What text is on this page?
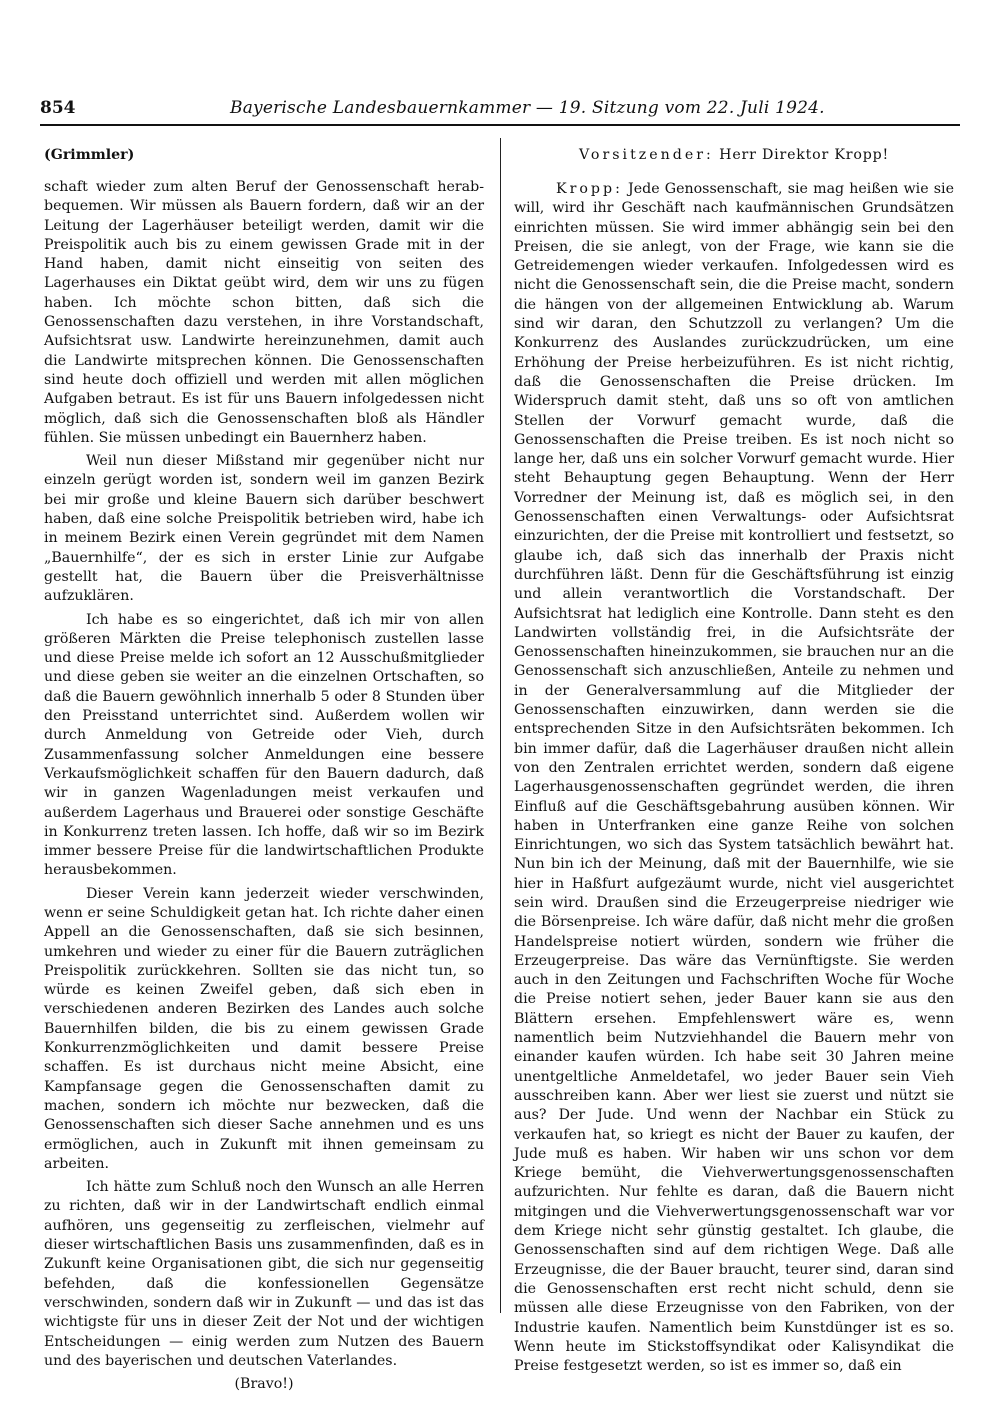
854	Bayerische Landesbauernkammer — 19. Sitzung vom 22. Juli 1924.
(Grimmler)

schaft wieder zum alten Beruf der Genossenschaft herab- bequemen. Wir müssen als Bauern fordern, daß wir an der Leitung der Lagerhäuser beteiligt werden, damit wir die Preispolitik auch bis zu einem gewissen Grade mit in der Hand haben, damit nicht einseitig von seiten des Lagerhauses ein Diktat geübt wird, dem wir uns zu fügen haben. Ich möchte schon bitten, daß sich die Genossenschaften dazu verstehen, in ihre Vorstandschaft, Aufsichtsrat usw. Landwirte hereinzunehmen, damit auch die Landwirte mitsprechen können. Die Genossenschaften sind heute doch offiziell und werden mit allen möglichen Aufgaben betraut. Es ist für uns Bauern infolgedessen nicht möglich, daß sich die Genossenschaften bloß als Händler fühlen. Sie müssen unbedingt ein Bauernherz haben.

Weil nun dieser Mißstand mir gegenüber nicht nur einzeln gerügt worden ist, sondern weil im ganzen Bezirk bei mir große und kleine Bauern sich darüber beschwert haben, daß eine solche Preispolitik betrieben wird, habe ich in meinem Bezirk einen Verein gegründet mit dem Namen „Bauernhilfe“, der es sich in erster Linie zur Aufgabe gestellt hat, die Bauern über die Preisverhältnisse aufzuklären.

Ich habe es so eingerichtet, daß ich mir von allen größeren Märkten die Preise telephonisch zustellen lasse und diese Preise melde ich sofort an 12 Ausschußmitglieder und diese geben sie weiter an die einzelnen Ortschaften, so daß die Bauern gewöhnlich innerhalb 5 oder 8 Stunden über den Preisstand unterrichtet sind. Außerdem wollen wir durch Anmeldung von Getreide oder Vieh, durch Zusammenfassung solcher Anmeldungen eine bessere Verkaufsmöglichkeit schaffen für den Bauern dadurch, daß wir in ganzen Wagenladungen meist verkaufen und außerdem Lagerhaus und Brauerei oder sonstige Geschäfte in Konkurrenz treten lassen. Ich hoffe, daß wir so im Bezirk immer bessere Preise für die landwirtschaftlichen Produkte herausbekommen.

Dieser Verein kann jederzeit wieder verschwinden, wenn er seine Schuldigkeit getan hat. Ich richte daher einen Appell an die Genossenschaften, daß sie sich besinnen, umkehren und wieder zu einer für die Bauern zuträglichen Preispolitik zurückkehren. Sollten sie das nicht tun, so würde es keinen Zweifel geben, daß sich eben in verschiedenen anderen Bezirken des Landes auch solche Bauernhilfen bilden, die bis zu einem gewissen Grade Konkurrenzmöglichkeiten und damit bessere Preise schaffen. Es ist durchaus nicht meine Absicht, eine Kampfansage gegen die Genossenschaften damit zu machen, sondern ich möchte nur bezwecken, daß die Genossenschaften sich dieser Sache annehmen und es uns ermöglichen, auch in Zukunft mit ihnen gemeinsam zu arbeiten.

Ich hätte zum Schluß noch den Wunsch an alle Herren zu richten, daß wir in der Landwirtschaft endlich einmal aufhören, uns gegenseitig zu zerfleischen, vielmehr auf dieser wirtschaftlichen Basis uns zusammenfinden, daß es in Zukunft keine Organisationen gibt, die sich nur gegenseitig befehden, daß die konfessionellen Gegensätze verschwinden, sondern daß wir in Zukunft — und das ist das wichtigste für uns in dieser Zeit der Not und der wichtigen Entscheidungen — einig werden zum Nutzen des Bauern und des bayerischen und deutschen Vaterlandes.

(Bravo!)
Vorsitzender: Herr Direktor Kropp!

Kropp: Jede Genossenschaft, sie mag heißen wie sie will, wird ihr Geschäft nach kaufmännischen Grundsätzen einrichten müssen. Sie wird immer abhängig sein bei den Preisen, die sie anlegt, von der Frage, wie kann sie die Getreidemengen wieder verkaufen. Infolgedessen wird es nicht die Genossenschaft sein, die die Preise macht, sondern die hängen von der allgemeinen Entwicklung ab. Warum sind wir daran, den Schutzzoll zu verlangen? Um die Konkurrenz des Auslandes zurückzudrücken, um eine Erhöhung der Preise herbeizuführen. Es ist nicht richtig, daß die Genossenschaften die Preise drücken. Im Widerspruch damit steht, daß uns so oft von amtlichen Stellen der Vorwurf gemacht wurde, daß die Genossenschaften die Preise treiben. Es ist noch nicht so lange her, daß uns ein solcher Vorwurf gemacht wurde. Hier steht Behauptung gegen Behauptung. Wenn der Herr Vorredner der Meinung ist, daß es möglich sei, in den Genossenschaften einen Verwaltungs- oder Aufsichtsrat einzurichten, der die Preise mit kontrolliert und festsetzt, so glaube ich, daß sich das innerhalb der Praxis nicht durchführen läßt. Denn für die Geschäftsführung ist einzig und allein verantwortlich die Vorstandschaft. Der Aufsichtsrat hat lediglich eine Kontrolle. Dann steht es den Landwirten vollständig frei, in die Aufsichtsräte der Genossenschaften hineinzukommen, sie brauchen nur an die Genossenschaft sich anzuschließen, Anteile zu nehmen und in der Generalversammlung auf die Mitglieder der Genossenschaften einzuwirken, dann werden sie die entsprechenden Sitze in den Aufsichtsräten bekommen. Ich bin immer dafür, daß die Lagerhäuser draußen nicht allein von den Zentralen errichtet werden, sondern daß eigene Lagerhausgenossenschaften gegründet werden, die ihren Einfluß auf die Geschäftsgebahrung ausüben können. Wir haben in Unterfranken eine ganze Reihe von solchen Einrichtungen, wo sich das System tatsächlich bewährt hat. Nun bin ich der Meinung, daß mit der Bauernhilfe, wie sie hier in Haßfurt aufgezäumt wurde, nicht viel ausgerichtet sein wird. Draußen sind die Erzeugerpreise niedriger wie die Börsenpreise. Ich wäre dafür, daß nicht mehr die großen Handelspreise notiert würden, sondern wie früher die Erzeugerpreise. Das wäre das Vernünftigste. Sie werden auch in den Zeitungen und Fachschriften Woche für Woche die Preise notiert sehen, jeder Bauer kann sie aus den Blättern ersehen. Empfehlenswert wäre es, wenn namentlich beim Nutzviehhandel die Bauern mehr von einander kaufen würden. Ich habe seit 30 Jahren meine unentgeltliche Anmeldetafel, wo jeder Bauer sein Vieh ausschreiben kann. Aber wer liest sie zuerst und nützt sie aus? Der Jude. Und wenn der Nachbar ein Stück zu verkaufen hat, so kriegt es nicht der Bauer zu kaufen, der Jude muß es haben. Wir haben wir uns schon vor dem Kriege bemüht, die Viehverwertungsgenossenschaften aufzurichten. Nur fehlte es daran, daß die Bauern nicht mitgingen und die Viehverwertungsgenossenschaft war vor dem Kriege nicht sehr günstig gestaltet. Ich glaube, die Genossenschaften sind auf dem richtigen Wege. Daß alle Erzeugnisse, die der Bauer braucht, teurer sind, daran sind die Genossenschaften erst recht nicht schuld, denn sie müssen alle diese Erzeugnisse von den Fabriken, von der Industrie kaufen. Namentlich beim Kunstdünger ist es so. Wenn heute im Stickstoffsyndikat oder Kalisyndikat die Preise festgesetzt werden, so ist es immer so, daß ein
